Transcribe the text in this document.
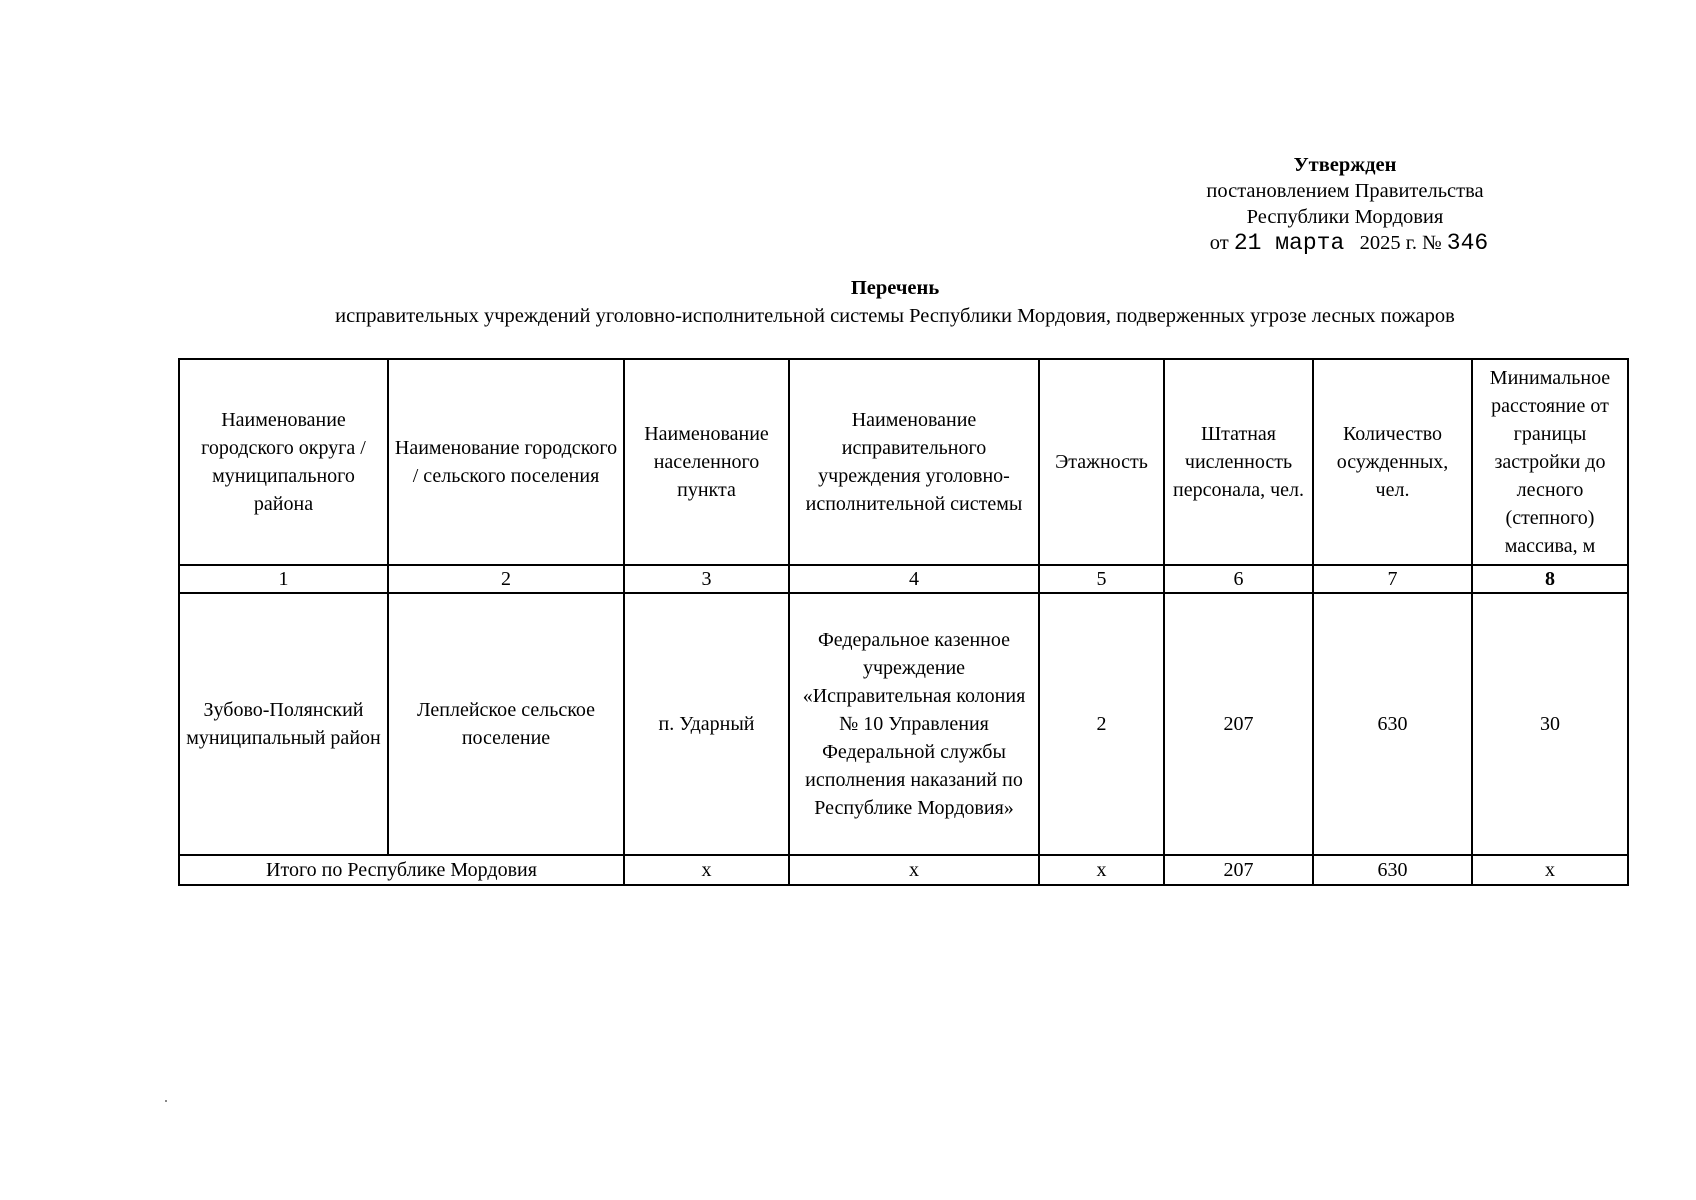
Утвержден
постановлением Правительства
Республики Мордовия
от 21 марта 2025 г. № 346
Перечень
исправительных учреждений уголовно-исполнительной системы Республики Мордовия, подверженных угрозе лесных пожаров
Наименование городского округа / муниципального района	Наименование городского / сельского поселения	Наименование населенного пункта	Наименование исправительного учреждения уголовно-исполнительной системы	Этажность	Штатная численность персонала, чел.	Количество осужденных, чел.	Минимальное расстояние от границы застройки до лесного (степного) массива, м
1	2	3	4	5	6	7	8
Зубово-Полянский муниципальный район	Леплейское сельское поселение	п. Ударный	Федеральное казенное учреждение «Исправительная колония № 10 Управления Федеральной службы исполнения наказаний по Республике Мордовия»	2	207	630	30
Итого по Республике Мордовия		х	х	х	207	630	х
